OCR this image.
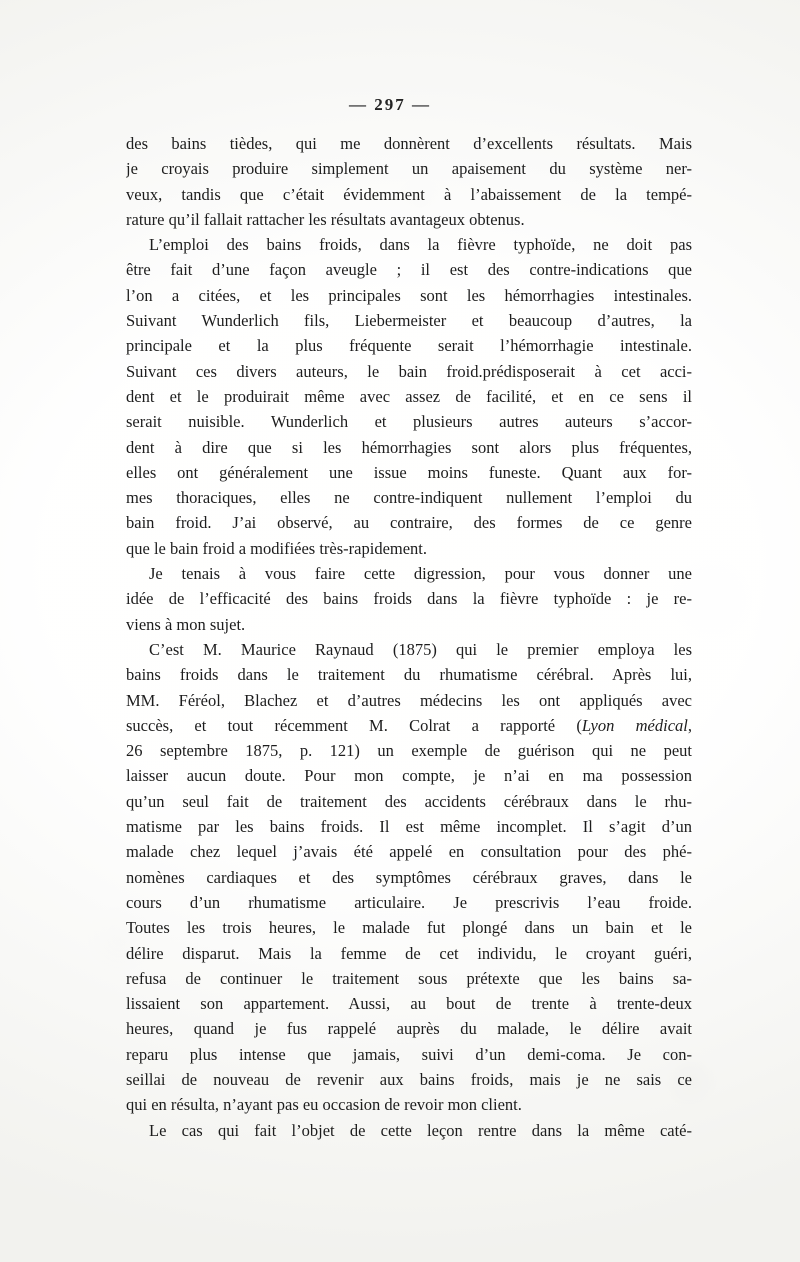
— 297 —
des bains tièdes, qui me donnèrent d’excellents résultats. Mais
je croyais produire simplement un apaisement du système ner-
veux, tandis que c’était évidemment à l’abaissement de la tempé-
rature qu’il fallait rattacher les résultats avantageux obtenus.
L’emploi des bains froids, dans la fièvre typhoïde, ne doit pas
être fait d’une façon aveugle ; il est des contre-indications que
l’on a citées, et les principales sont les hémorrhagies intestinales.
Suivant Wunderlich fils, Liebermeister et beaucoup d’autres, la
principale et la plus fréquente serait l’hémorrhagie intestinale.
Suivant ces divers auteurs, le bain froid.prédisposerait à cet acci-
dent et le produirait même avec assez de facilité, et en ce sens il
serait nuisible. Wunderlich et plusieurs autres auteurs s’accor-
dent à dire que si les hémorrhagies sont alors plus fréquentes,
elles ont généralement une issue moins funeste. Quant aux for-
mes thoraciques, elles ne contre-indiquent nullement l’emploi du
bain froid. J’ai observé, au contraire, des formes de ce genre
que le bain froid a modifiées très-rapidement.
Je tenais à vous faire cette digression, pour vous donner une
idée de l’efficacité des bains froids dans la fièvre typhoïde : je re-
viens à mon sujet.
C’est M. Maurice Raynaud (1875) qui le premier employa les
bains froids dans le traitement du rhumatisme cérébral. Après lui,
MM. Féréol, Blachez et d’autres médecins les ont appliqués avec
succès, et tout récemment M. Colrat a rapporté (Lyon médical,
26 septembre 1875, p. 121) un exemple de guérison qui ne peut
laisser aucun doute. Pour mon compte, je n’ai en ma possession
qu’un seul fait de traitement des accidents cérébraux dans le rhu-
matisme par les bains froids. Il est même incomplet. Il s’agit d’un
malade chez lequel j’avais été appelé en consultation pour des phé-
nomènes cardiaques et des symptômes cérébraux graves, dans le
cours d’un rhumatisme articulaire. Je prescrivis l’eau froide.
Toutes les trois heures, le malade fut plongé dans un bain et le
délire disparut. Mais la femme de cet individu, le croyant guéri,
refusa de continuer le traitement sous prétexte que les bains sa-
lissaient son appartement. Aussi, au bout de trente à trente-deux
heures, quand je fus rappelé auprès du malade, le délire avait
reparu plus intense que jamais, suivi d’un demi-coma. Je con-
seillai de nouveau de revenir aux bains froids, mais je ne sais ce
qui en résulta, n’ayant pas eu occasion de revoir mon client.
Le cas qui fait l’objet de cette leçon rentre dans la même caté-
